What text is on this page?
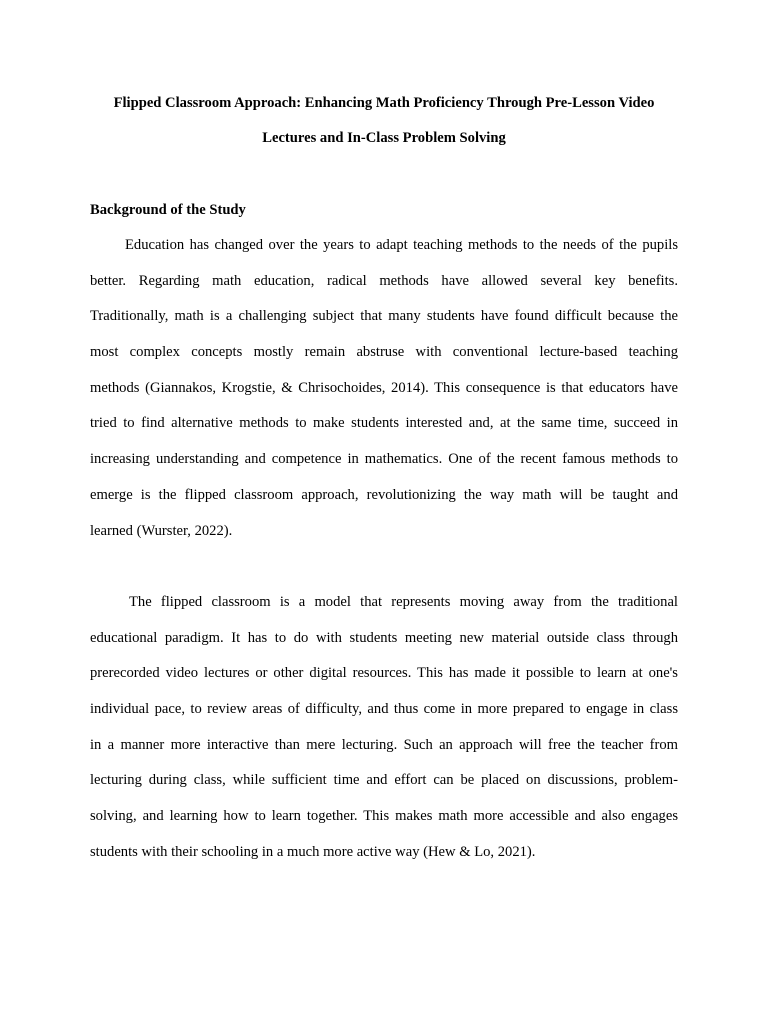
Flipped Classroom Approach: Enhancing Math Proficiency Through Pre-Lesson Video
Lectures and In-Class Problem Solving
Background of the Study
Education has changed over the years to adapt teaching methods to the needs of the pupils
better. Regarding math education, radical methods have allowed several key benefits.
Traditionally, math is a challenging subject that many students have found difficult because the
most complex concepts mostly remain abstruse with conventional lecture-based teaching
methods (Giannakos, Krogstie, & Chrisochoides, 2014). This consequence is that educators have
tried to find alternative methods to make students interested and, at the same time, succeed in
increasing understanding and competence in mathematics. One of the recent famous methods to
emerge is the flipped classroom approach, revolutionizing the way math will be taught and
learned (Wurster, 2022).
The flipped classroom is a model that represents moving away from the traditional
educational paradigm. It has to do with students meeting new material outside class through
prerecorded video lectures or other digital resources. This has made it possible to learn at one's
individual pace, to review areas of difficulty, and thus come in more prepared to engage in class
in a manner more interactive than mere lecturing. Such an approach will free the teacher from
lecturing during class, while sufficient time and effort can be placed on discussions, problem-
solving, and learning how to learn together. This makes math more accessible and also engages
students with their schooling in a much more active way (Hew & Lo, 2021).
